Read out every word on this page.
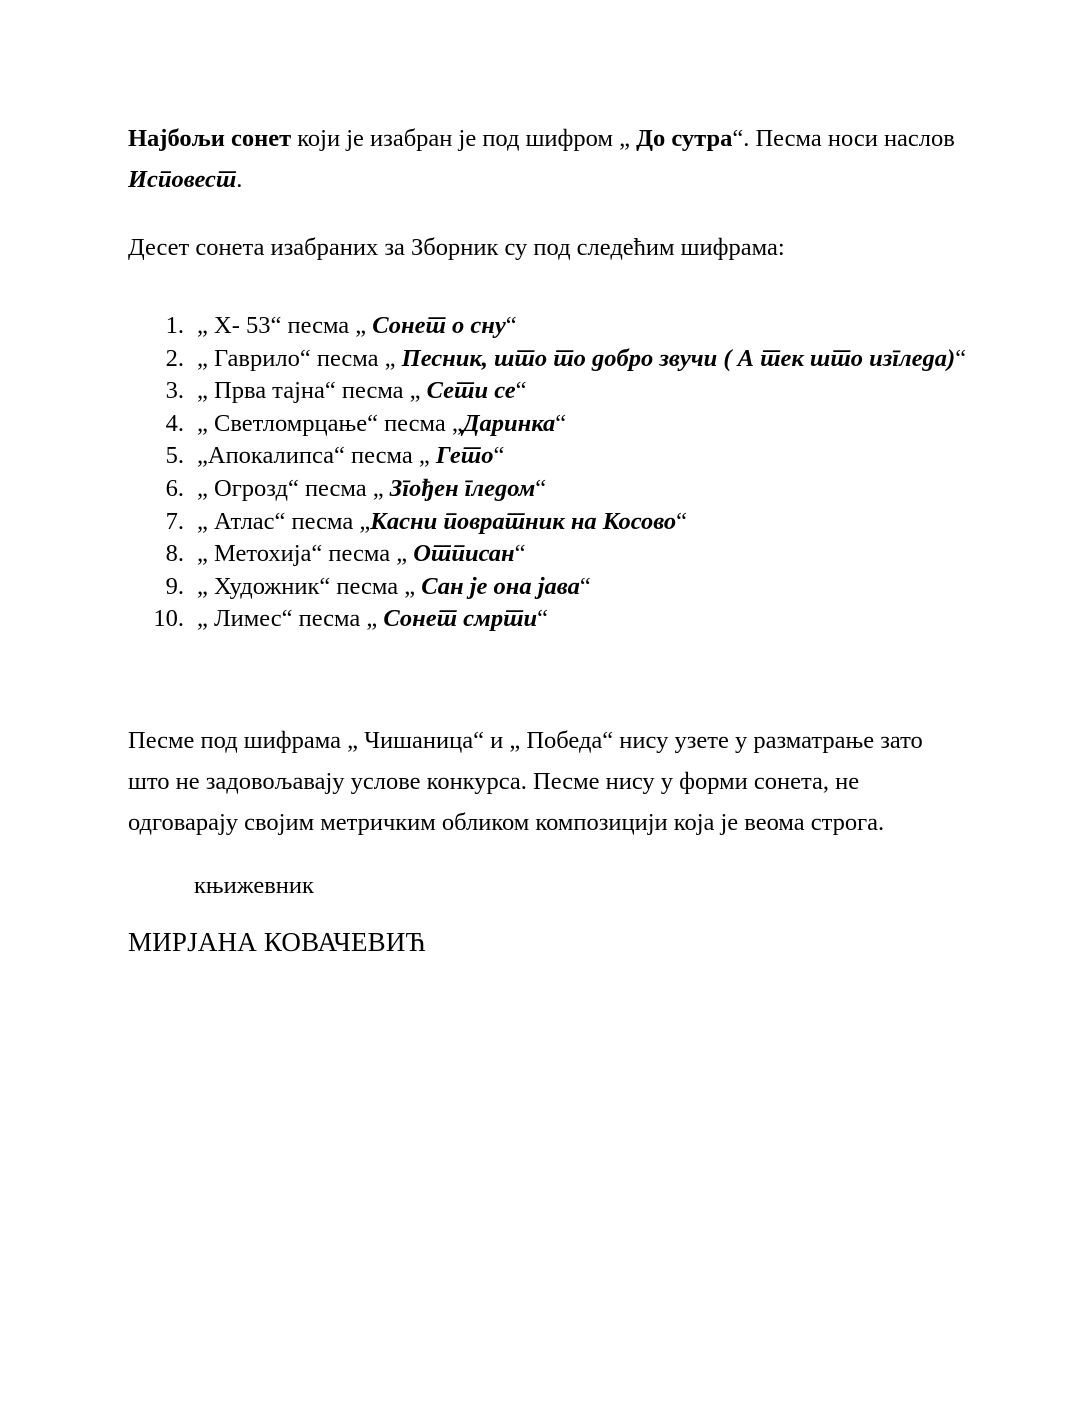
Најбољи сонет који је изабран је под шифром „ До сутра“. Песма носи наслов Исповест.

Десет сонета изабраних за Зборник су под следећим шифрама:

„ X- 53“ песма „ Сонет о сну“
„ Гаврило“ песма „ Песник, што то добро звучи ( А тек што изгледа)“
„ Прва тајна“ песма „ Сети се“
„ Светломрцање“ песма „Даринка“
„Апокалипса“ песма „ Гето“
„ Огрозд“ песма „ Згођен гледом“
„ Атлас“ песма „Касни повратник на Косово“
„ Метохија“ песма „ Отписан“
„ Художник“ песма „ Сан је она јава“
„ Лимес“ песма „ Сонет смрти“

Песме под шифрама „ Чишаница“ и „ Победа“ нису узете у разматрање зато што не задовољавају услове конкурса. Песме нису у форми сонета, не одговарају својим метричким обликом композицији која је веома строга.

књижевник

МИРЈАНА КОВАЧЕВИЋ
